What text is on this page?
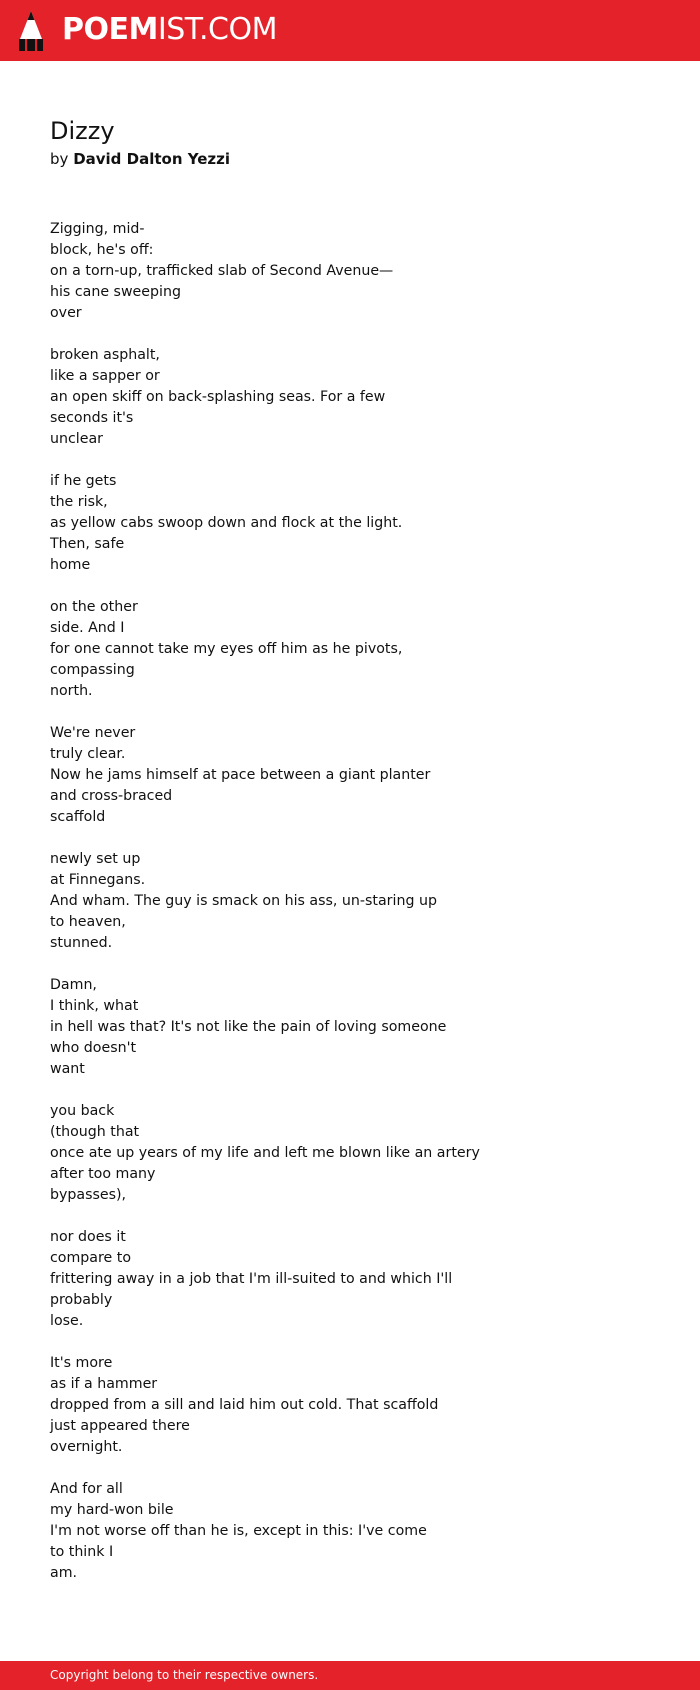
POEMIST.COM
Dizzy
by David Dalton Yezzi
Zigging, mid-
block, he's off:
on a torn-up, trafficked slab of Second Avenue—
his cane sweeping
over
broken asphalt,
like a sapper or
an open skiff on back-splashing seas. For a few
seconds it's
unclear
if he gets
the risk,
as yellow cabs swoop down and flock at the light.
Then, safe
home
on the other
side. And I
for one cannot take my eyes off him as he pivots,
compassing
north.
We're never
truly clear.
Now he jams himself at pace between a giant planter
and cross-braced
scaffold
newly set up
at Finnegans.
And wham. The guy is smack on his ass, un-staring up
to heaven,
stunned.
Damn,
I think, what
in hell was that? It's not like the pain of loving someone
who doesn't
want
you back
(though that
once ate up years of my life and left me blown like an artery
after too many
bypasses),
nor does it
compare to
frittering away in a job that I'm ill-suited to and which I'll
probably
lose.
It's more
as if a hammer
dropped from a sill and laid him out cold. That scaffold
just appeared there
overnight.
And for all
my hard-won bile
I'm not worse off than he is, except in this: I've come
to think I
am.
Copyright belong to their respective owners.
